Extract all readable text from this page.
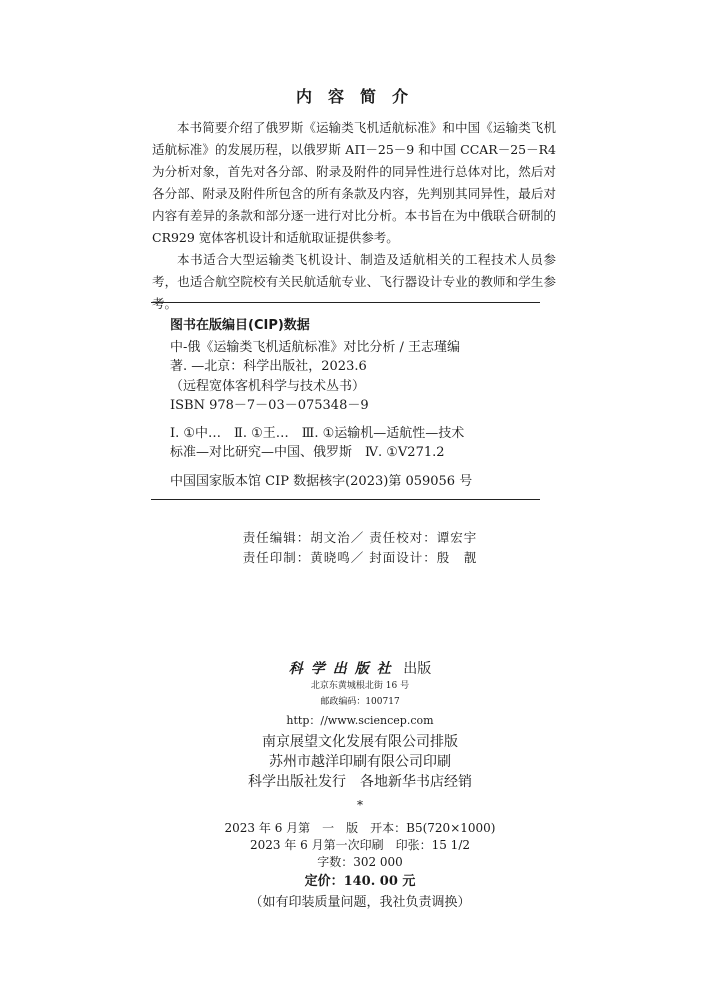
内容简介

本书简要介绍了俄罗斯《运输类飞机适航标准》和中国《运输类飞机适航标准》的发展历程，以俄罗斯 АП－25－9 和中国 CCAR－25－R4 为分析对象，首先对各分部、附录及附件的同异性进行总体对比，然后对各分部、附录及附件所包含的所有条款及内容，先判别其同异性，最后对内容有差异的条款和部分逐一进行对比分析。本书旨在为中俄联合研制的 CR929 宽体客机设计和适航取证提供参考。

本书适合大型运输类飞机设计、制造及适航相关的工程技术人员参考，也适合航空院校有关民航适航专业、飞行器设计专业的教师和学生参考。

图书在版编目(CIP)数据
中-俄《运输类飞机适航标准》对比分析 / 王志瑾编
著. —北京：科学出版社，2023.6
（远程宽体客机科学与技术丛书）
ISBN 978－7－03－075348－9
Ⅰ. ①中…　Ⅱ. ①王…　Ⅲ. ①运输机—适航性—技术
标准—对比研究—中国、俄罗斯　Ⅳ. ①V271.2
中国国家版本馆 CIP 数据核字(2023)第 059056 号
责任编辑：胡文治／ 责任校对：谭宏宇
责任印制：黄晓鸣／ 封面设计：殷　靓
科学出版社 出版
北京东黄城根北街 16 号
邮政编码：100717
http：//www.sciencep.com
南京展望文化发展有限公司排版
苏州市越洋印刷有限公司印刷
科学出版社发行　各地新华书店经销
*
2023 年 6 月第　一　版　开本：B5(720×1000)
2023 年 6 月第一次印刷　印张：15 1/2
字数：302 000
定价：140. 00 元
（如有印装质量问题，我社负责调换）
